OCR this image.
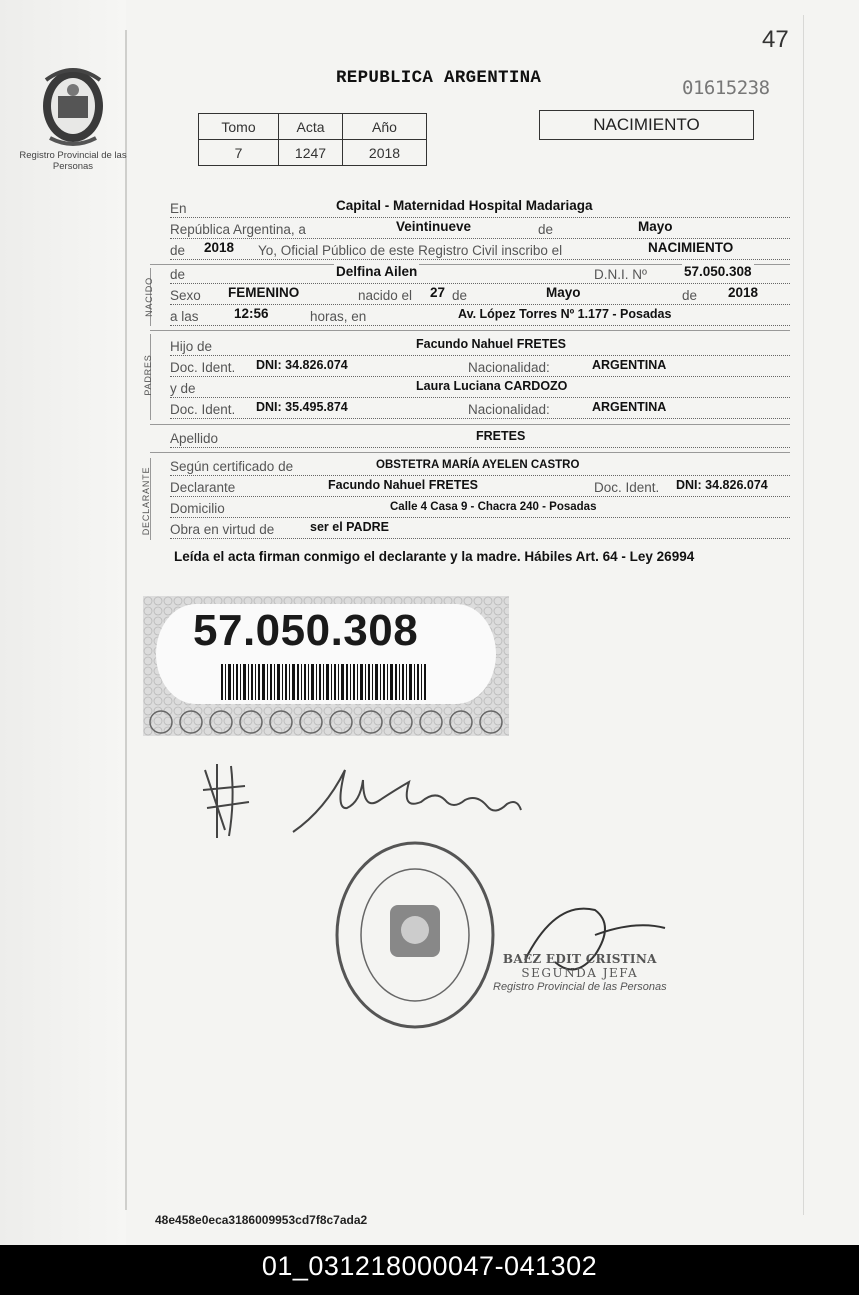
47
01615238
Registro Provincial de las Personas
REPUBLICA ARGENTINA
Tomo	Acta	Año
7	1247	2018
NACIMIENTO
En	Capital - Maternidad Hospital Madariaga
República Argentina, a	Veintinueve	de	Mayo
de 2018 Yo, Oficial Público de este Registro Civil inscribo el	NACIMIENTO
NACIDO
de	Delfina Ailen	D.N.I. Nº	57.050.308
Sexo FEMENINO	nacido el 27 de	Mayo	de 2018
a las	12:56	horas, en	Av. López Torres Nº 1.177 - Posadas
PADRES
Hijo de	Facundo Nahuel FRETES
Doc. Ident. DNI: 34.826.074	Nacionalidad:	ARGENTINA
y de	Laura Luciana CARDOZO
Doc. Ident. DNI: 35.495.874	Nacionalidad:	ARGENTINA
Apellido	FRETES
DECLARANTE
Según certificado de	OBSTETRA MARÍA AYELEN CASTRO
Declarante	Facundo Nahuel FRETES	Doc. Ident. DNI: 34.826.074
Domicilio	Calle 4 Casa 9 - Chacra 240 - Posadas
Obra en virtud de	ser el PADRE
Leída el acta firman conmigo el declarante y la madre. Hábiles Art. 64 - Ley 26994
57.050.308
BAEZ EDIT CRISTINA
SEGUNDA JEFA
Registro Provincial de las Personas
48e458e0eca3186009953cd7f8c7ada2
01_031218000047-041302
